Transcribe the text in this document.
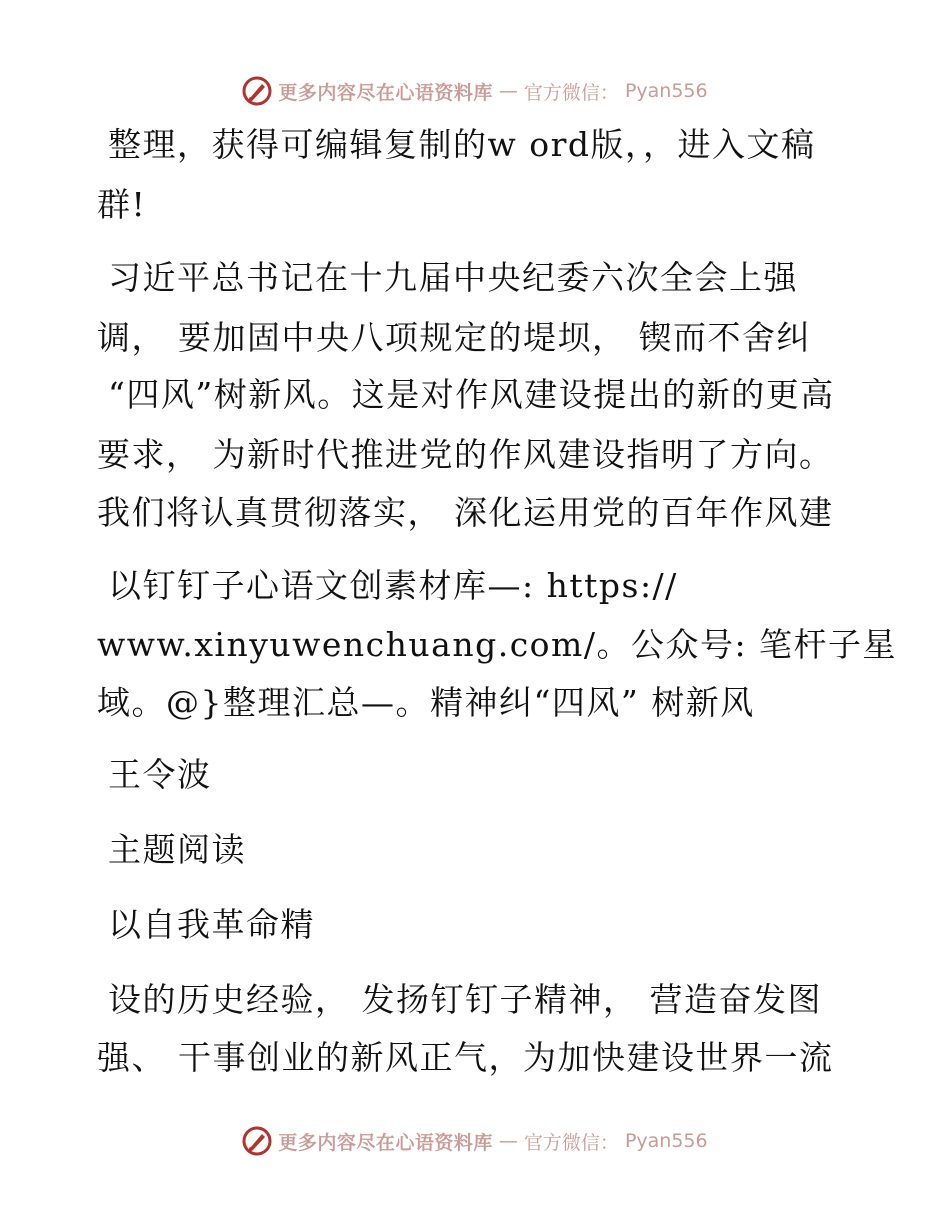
更多内容尽在心语资料库 — 官方微信： Pyan556
整理，获得可编辑复制的w ord版，，进入文稿
群!
习近平总书记在十九届中央纪委六次全会上强
调， 要加固中央八项规定的堤坝， 锲而不舍纠
“四风”树新风。这是对作风建设提出的新的更高
要求， 为新时代推进党的作风建设指明了方向。
我们将认真贯彻落实， 深化运用党的百年作风建
以钉钉子心语文创素材库—: https://
www.xinyuwenchuang.com/。公众号: 笔杆子星
域。@}整理汇总—。精神纠“四风” 树新风
王令波
主题阅读
以自我革命精
设的历史经验， 发扬钉钉子精神， 营造奋发图
强、 干事创业的新风正气，为加快建设世界一流
更多内容尽在心语资料库 — 官方微信： Pyan556
